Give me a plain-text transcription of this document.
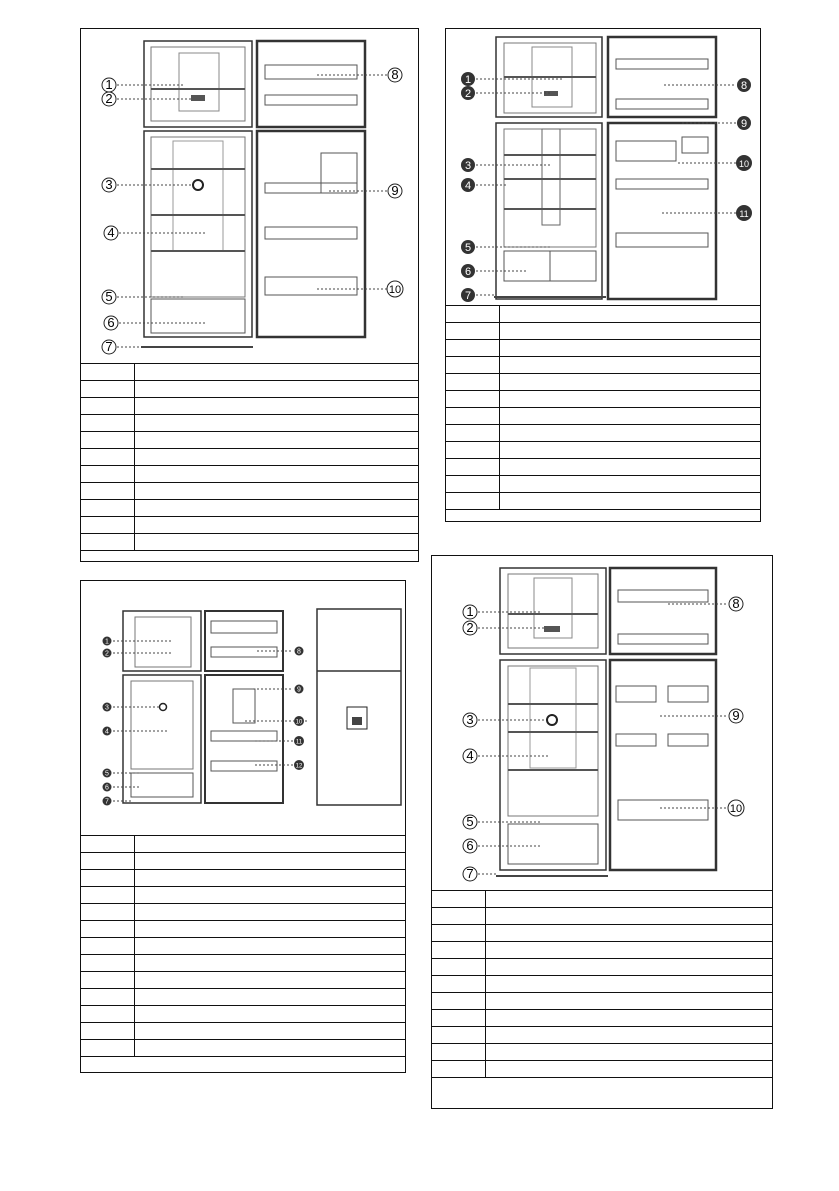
1
2
3
4
5
6
7
8
9
10

1
2
3
4
5
6
7
8
9
10
11

1
2
3
4
5
6
7
8
9
10
11
12

1
2
3
4
5
6
7
8
9
10
